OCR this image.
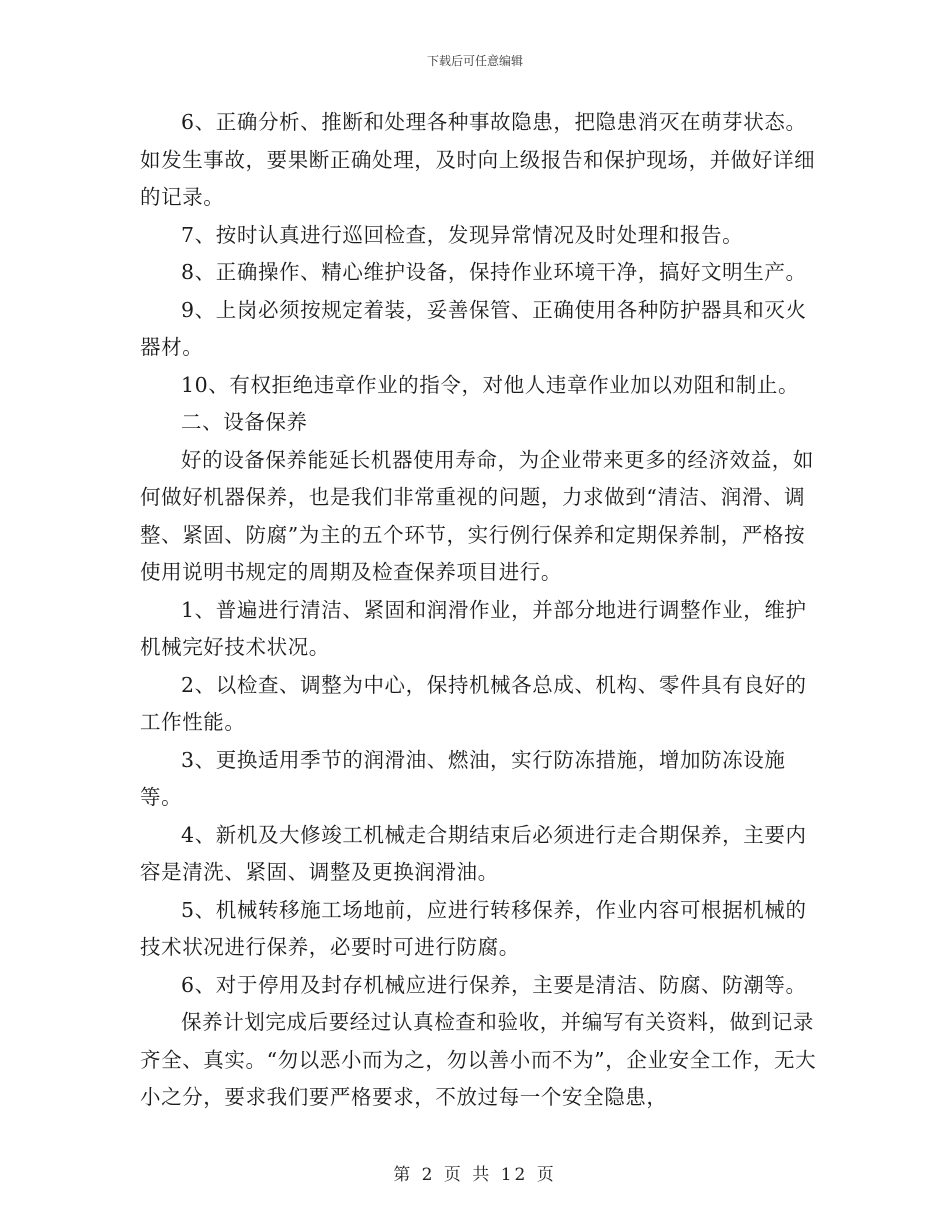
下载后可任意编辑

6、正确分析、推断和处理各种事故隐患，把隐患消灭在萌芽状态。如发生事故，要果断正确处理，及时向上级报告和保护现场，并做好详细的记录。

7、按时认真进行巡回检查，发现异常情况及时处理和报告。

8、正确操作、精心维护设备，保持作业环境干净，搞好文明生产。

9、上岗必须按规定着装，妥善保管、正确使用各种防护器具和灭火器材。

10、有权拒绝违章作业的指令，对他人违章作业加以劝阻和制止。

二、设备保养

好的设备保养能延长机器使用寿命，为企业带来更多的经济效益，如何做好机器保养，也是我们非常重视的问题，力求做到“清洁、润滑、调整、紧固、防腐”为主的五个环节，实行例行保养和定期保养制，严格按使用说明书规定的周期及检查保养项目进行。

1、普遍进行清洁、紧固和润滑作业，并部分地进行调整作业，维护机械完好技术状况。

2、以检查、调整为中心，保持机械各总成、机构、零件具有良好的工作性能。

3、更换适用季节的润滑油、燃油，实行防冻措施，增加防冻设施等。

4、新机及大修竣工机械走合期结束后必须进行走合期保养，主要内容是清洗、紧固、调整及更换润滑油。

5、机械转移施工场地前，应进行转移保养，作业内容可根据机械的技术状况进行保养，必要时可进行防腐。

6、对于停用及封存机械应进行保养，主要是清洁、防腐、防潮等。

保养计划完成后要经过认真检查和验收，并编写有关资料，做到记录齐全、真实。“勿以恶小而为之，勿以善小而不为”，企业安全工作，无大小之分，要求我们要严格要求，不放过每一个安全隐患，

第 2 页 共 12 页
